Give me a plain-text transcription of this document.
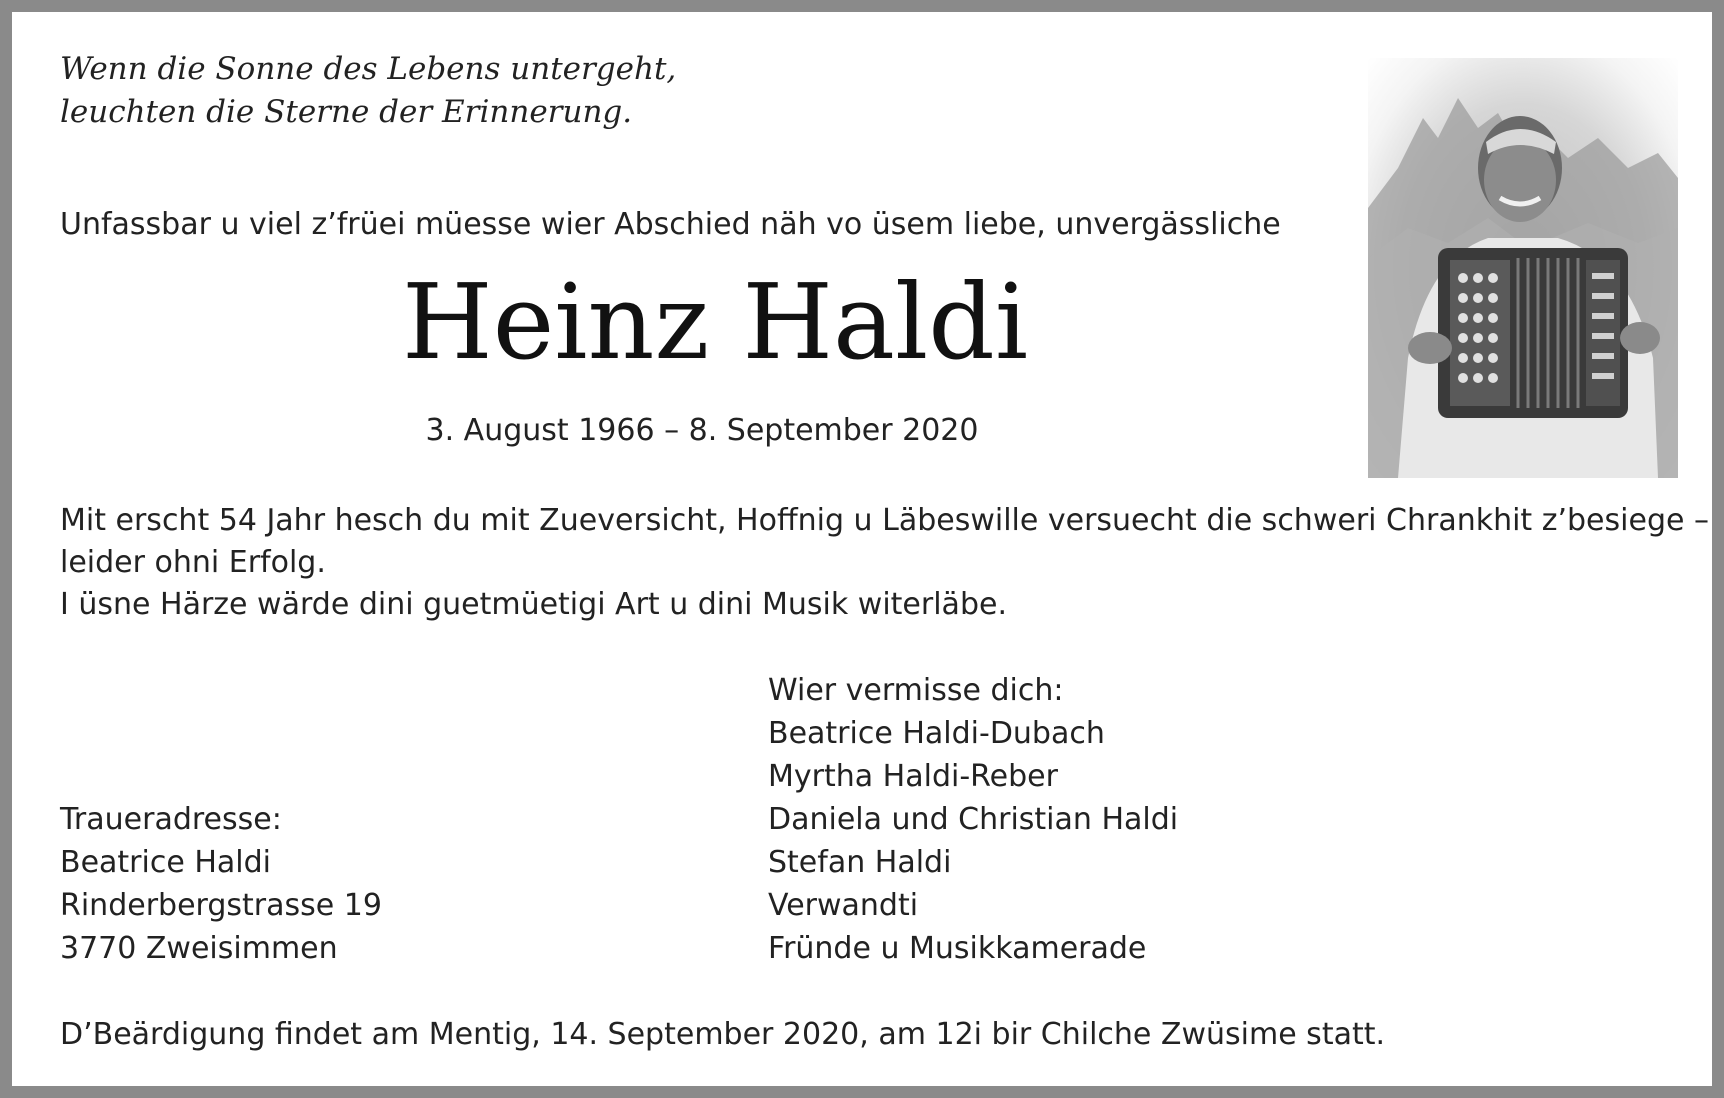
Wenn die Sonne des Lebens untergeht,
leuchten die Sterne der Erinnerung.
Unfassbar u viel z’früei müesse wier Abschied näh vo üsem liebe, unvergässliche
Heinz Haldi
3. August 1966 – 8. September 2020
Mit erscht 54 Jahr hesch du mit Zueversicht, Hoffnig u Läbeswille versuecht die schweri Chrankhit z’besiege –
leider ohni Erfolg.
I üsne Härze wärde dini guetmüetigi Art u dini Musik witerläbe.
Traueradresse:
Beatrice Haldi
Rinderbergstrasse 19
3770 Zweisimmen
Wier vermisse dich:
Beatrice Haldi-Dubach
Myrtha Haldi-Reber
Daniela und Christian Haldi
Stefan Haldi
Verwandti
Fründe u Musikkamerade
D’Beärdigung findet am Mentig, 14. September 2020, am 12i bir Chilche Zwüsime statt.
